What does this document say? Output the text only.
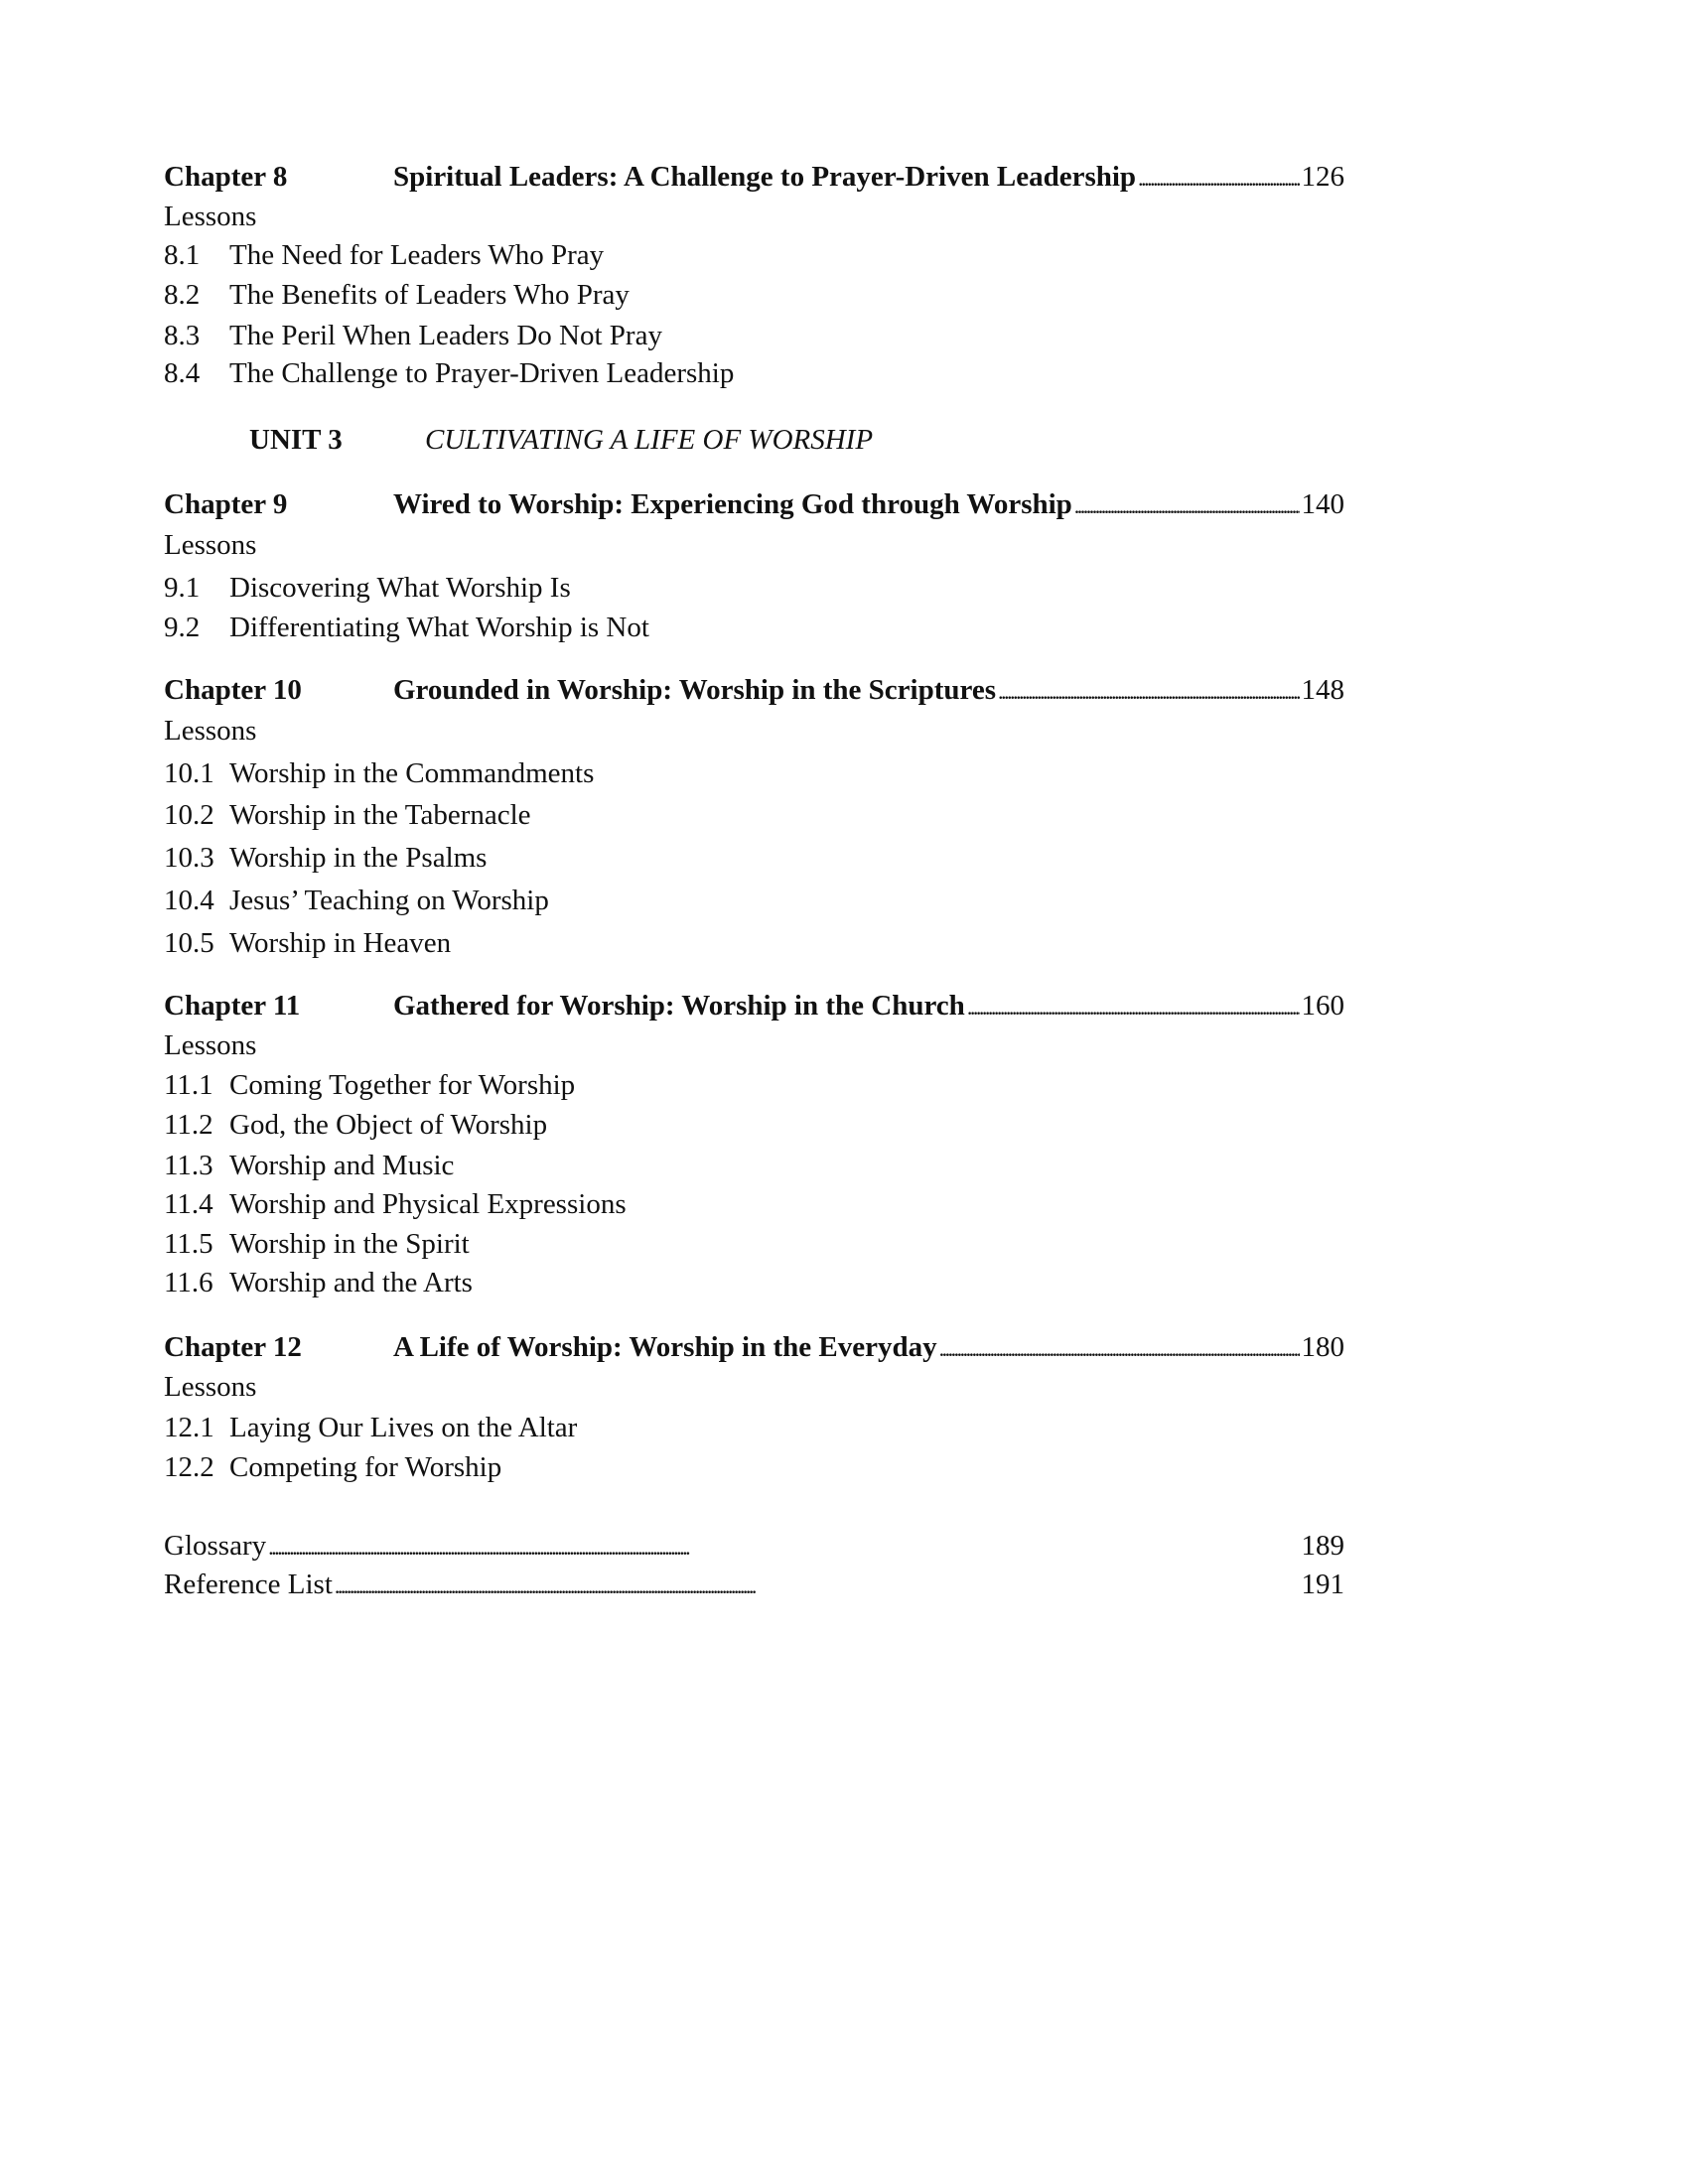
Chapter 8	Spiritual Leaders: A Challenge to Prayer-Driven Leadership . . .	126
Lessons
8.1 The Need for Leaders Who Pray
8.2 The Benefits of Leaders Who Pray
8.3 The Peril When Leaders Do Not Pray
8.4 The Challenge to Prayer-Driven Leadership
UNIT 3	CULTIVATING A LIFE OF WORSHIP
Chapter 9	Wired to Worship: Experiencing God through Worship . . .	140
Lessons
9.1 Discovering What Worship Is
9.2 Differentiating What Worship is Not
Chapter 10	Grounded in Worship: Worship in the Scriptures . . .	148
Lessons
10.1 Worship in the Commandments
10.2 Worship in the Tabernacle
10.3 Worship in the Psalms
10.4 Jesus’ Teaching on Worship
10.5 Worship in Heaven
Chapter 11	Gathered for Worship: Worship in the Church . . .	160
Lessons
11.1 Coming Together for Worship
11.2 God, the Object of Worship
11.3 Worship and Music
11.4 Worship and Physical Expressions
11.5 Worship in the Spirit
11.6 Worship and the Arts
Chapter 12	A Life of Worship: Worship in the Everyday . . .	180
Lessons
12.1 Laying Our Lives on the Altar
12.2 Competing for Worship
Glossary . . .	189
Reference List . . .	191
